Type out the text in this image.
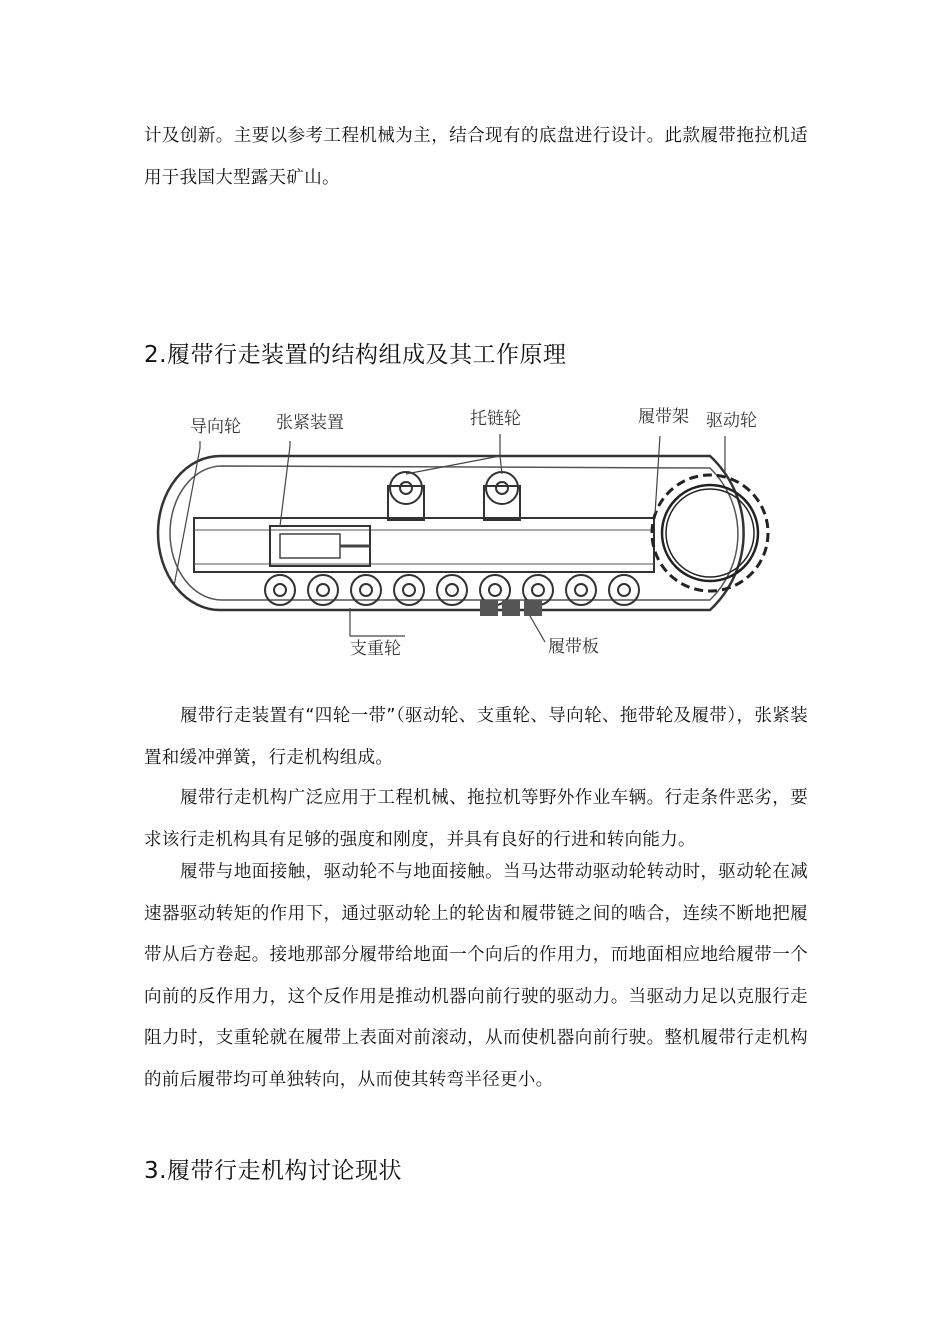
计及创新。主要以参考工程机械为主，结合现有的底盘进行设计。此款履带拖拉机适用于我国大型露天矿山。

2.履带行走装置的结构组成及其工作原理
导向轮 张紧装置	托链轮	履带架 驱动轮
支重轮	履带板

履带行走装置有“四轮一带”（驱动轮、支重轮、导向轮、拖带轮及履带），张紧装置和缓冲弹簧，行走机构组成。

履带行走机构广泛应用于工程机械、拖拉机等野外作业车辆。行走条件恶劣，要求该行走机构具有足够的强度和刚度，并具有良好的行进和转向能力。

履带与地面接触，驱动轮不与地面接触。当马达带动驱动轮转动时，驱动轮在减速器驱动转矩的作用下，通过驱动轮上的轮齿和履带链之间的啮合，连续不断地把履带从后方卷起。接地那部分履带给地面一个向后的作用力，而地面相应地给履带一个向前的反作用力，这个反作用是推动机器向前行驶的驱动力。当驱动力足以克服行走阻力时，支重轮就在履带上表面对前滚动，从而使机器向前行驶。整机履带行走机构的前后履带均可单独转向，从而使其转弯半径更小。

3.履带行走机构讨论现状
